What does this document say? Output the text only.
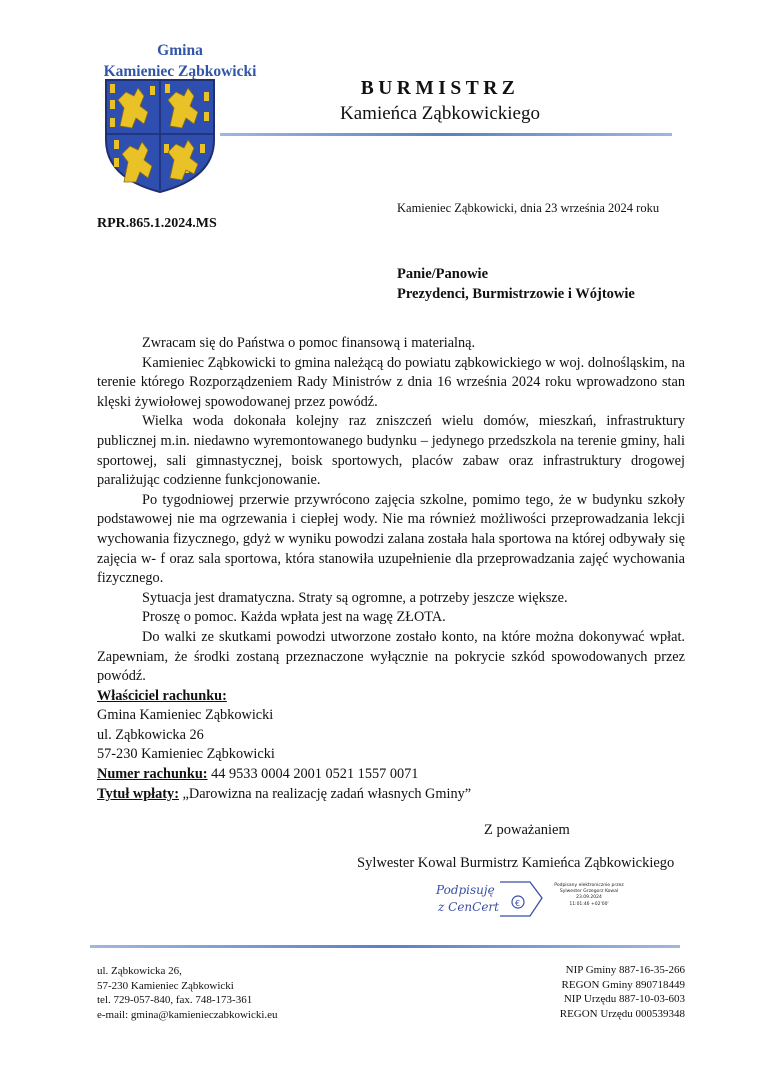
Gmina
Kamieniec Ząbkowicki
BURMISTRZ
Kamieńca Ząbkowickiego
Kamieniec Ząbkowicki, dnia 23 września 2024 roku
RPR.865.1.2024.MS
Panie/Panowie
Prezydenci, Burmistrzowie i Wójtowie

Zwracam się do Państwa o pomoc finansową i materialną.

Kamieniec Ząbkowicki to gmina należącą do powiatu ząbkowickiego w woj. dolnośląskim, na terenie którego Rozporządzeniem Rady Ministrów z dnia 16 września 2024 roku wprowadzono stan klęski żywiołowej spowodowanej przez powódź.

Wielka woda dokonała kolejny raz zniszczeń wielu domów, mieszkań, infrastruktury publicznej m.in. niedawno wyremontowanego budynku – jedynego przedszkola na terenie gminy, hali sportowej, sali gimnastycznej, boisk sportowych, placów zabaw oraz infrastruktury drogowej paraliżując codzienne funkcjonowanie.

Po tygodniowej przerwie przywrócono zajęcia szkolne, pomimo tego, że w budynku szkoły podstawowej nie ma ogrzewania i ciepłej wody. Nie ma również możliwości przeprowadzania lekcji wychowania fizycznego, gdyż w wyniku powodzi zalana została hala sportowa na której odbywały się zajęcia w- f oraz sala sportowa, która stanowiła uzupełnienie dla przeprowadzania zajęć wychowania fizycznego.

Sytuacja jest dramatyczna. Straty są ogromne, a potrzeby jeszcze większe.

Proszę o pomoc. Każda wpłata jest na wagę ZŁOTA.

Do walki ze skutkami powodzi utworzone zostało konto, na które można dokonywać wpłat. Zapewniam, że środki zostaną przeznaczone wyłącznie na pokrycie szkód spowodowanych przez powódź.

Właściciel rachunku:
Gmina Kamieniec Ząbkowicki
ul. Ząbkowicka 26
57-230 Kamieniec Ząbkowicki

Numer rachunku: 44 9533 0004 2001 0521 1557 0071

Tytuł wpłaty: „Darowizna na realizację zadań własnych Gminy”

Z poważaniem
Sylwester Kowal Burmistrz Kamieńca Ząbkowickiego
€
Podpisuję
z CenCert
Podpisany elektronicznie przez
Sylwester Grzegorz Kowal
23.09.2024
11:01:46 +02'00'
ul. Ząbkowicka 26,
57-230 Kamieniec Ząbkowicki
tel. 729-057-840, fax. 748-173-361
e-mail: gmina@kamienieczabkowicki.eu
NIP Gminy 887-16-35-266
REGON Gminy 890718449
NIP Urzędu 887-10-03-603
REGON Urzędu 000539348
